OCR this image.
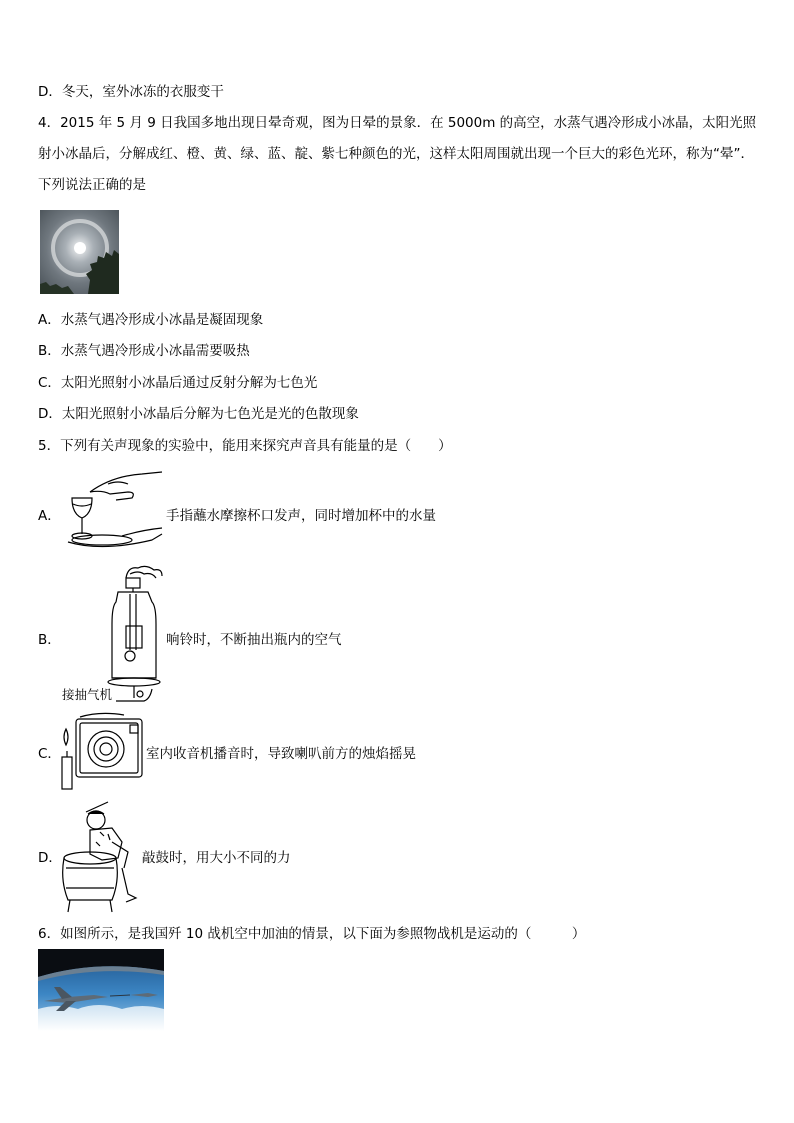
D．冬天，室外冰冻的衣服变干
4．2015 年 5 月 9 日我国多地出现日晕奇观，图为日晕的景象．在 5000m 的高空，水蒸气遇冷形成小冰晶，太阳光照射小冰晶后，分解成红、橙、黄、绿、蓝、靛、紫七种颜色的光，这样太阳周围就出现一个巨大的彩色光环，称为“晕”．下列说法正确的是
A．水蒸气遇冷形成小冰晶是凝固现象
B．水蒸气遇冷形成小冰晶需要吸热
C．太阳光照射小冰晶后通过反射分解为七色光
D．太阳光照射小冰晶后分解为七色光是光的色散现象
5．下列有关声现象的实验中，能用来探究声音具有能量的是（　　）
A．	手指蘸水摩擦杯口发声，同时增加杯中的水量
B．	响铃时，不断抽出瓶内的空气
接抽气机
C．	室内收音机播音时，导致喇叭前方的烛焰摇晃
D．	敲鼓时，用大小不同的力
6．如图所示，是我国歼 10 战机空中加油的情景，以下面为参照物战机是运动的（　　　）
